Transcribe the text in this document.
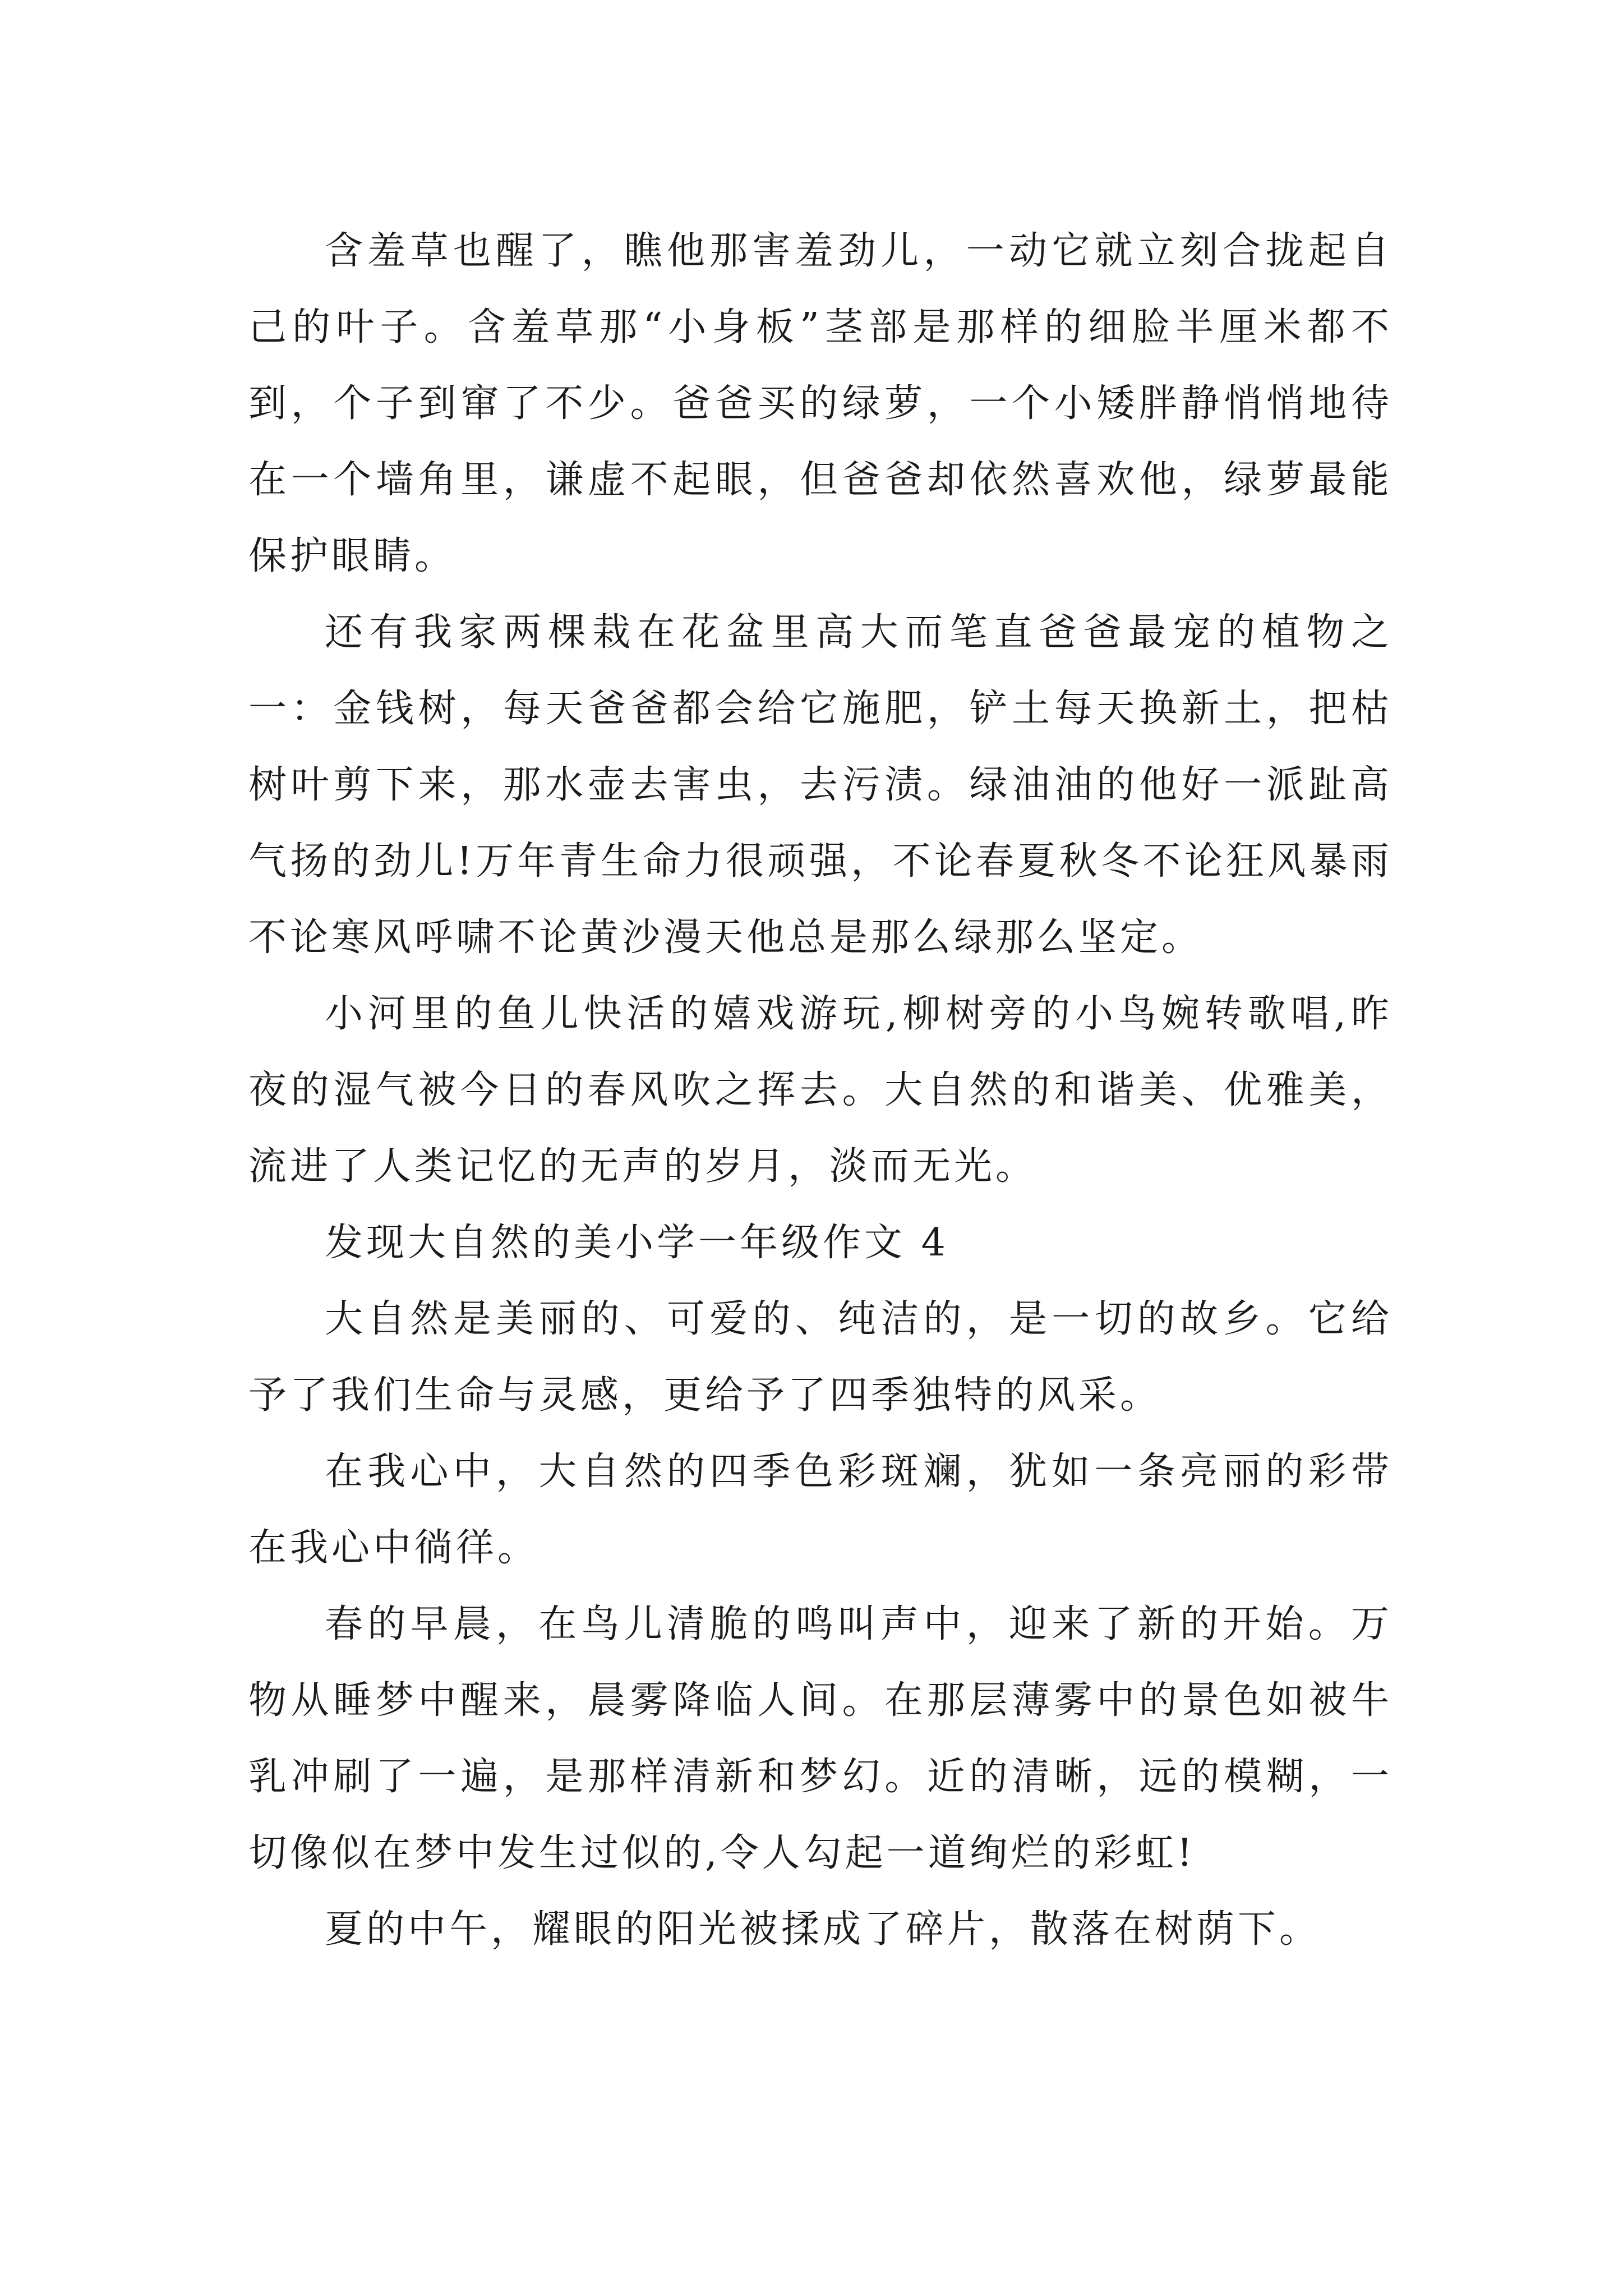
含羞草也醒了，瞧他那害羞劲儿，一动它就立刻合拢起自己的叶子。含羞草那“小身板”茎部是那样的细脸半厘米都不到，个子到窜了不少。爸爸买的绿萝，一个小矮胖静悄悄地待在一个墙角里，谦虚不起眼，但爸爸却依然喜欢他，绿萝最能保护眼睛。

还有我家两棵栽在花盆里高大而笔直爸爸最宠的植物之一：金钱树，每天爸爸都会给它施肥，铲土每天换新土，把枯树叶剪下来，那水壶去害虫，去污渍。绿油油的他好一派趾高气扬的劲儿!万年青生命力很顽强，不论春夏秋冬不论狂风暴雨不论寒风呼啸不论黄沙漫天他总是那么绿那么坚定。

小河里的鱼儿快活的嬉戏游玩,柳树旁的小鸟婉转歌唱,昨夜的湿气被今日的春风吹之挥去。大自然的和谐美、优雅美，流进了人类记忆的无声的岁月，淡而无光。

发现大自然的美小学一年级作文 4

大自然是美丽的、可爱的、纯洁的，是一切的故乡。它给予了我们生命与灵感，更给予了四季独特的风采。

在我心中，大自然的四季色彩斑斓，犹如一条亮丽的彩带在我心中徜徉。

春的早晨，在鸟儿清脆的鸣叫声中，迎来了新的开始。万物从睡梦中醒来，晨雾降临人间。在那层薄雾中的景色如被牛乳冲刷了一遍，是那样清新和梦幻。近的清晰，远的模糊，一切像似在梦中发生过似的,令人勾起一道绚烂的彩虹!

夏的中午，耀眼的阳光被揉成了碎片，散落在树荫下。
